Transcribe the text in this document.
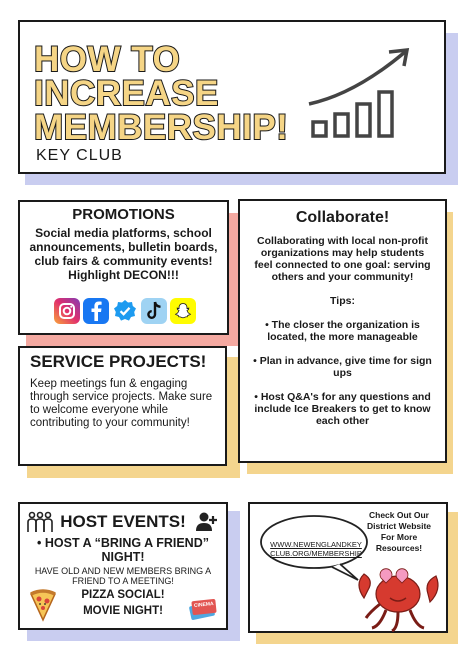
HOW TO
INCREASE
MEMBERSHIP!
KEY CLUB
PROMOTIONS
Social media platforms, school announcements, bulletin boards, club fairs & community events! Highlight DECON!!!
SERVICE PROJECTS!
Keep meetings fun & engaging through service projects. Make sure to welcome everyone while contributing to your community!
Collaborate!
Collaborating with local non-profit organizations may help students feel connected to one goal: serving others and your community!
Tips:
• The closer the organization is located, the more manageable
• Plan in advance, give time for sign ups
• Host Q&A's for any questions and include Ice Breakers to get to know each other
HOST EVENTS!
• HOST A “BRING A FRIEND” NIGHT!
HAVE OLD AND NEW MEMBERS BRING A FRIEND TO A MEETING!
PIZZA SOCIAL!
MOVIE NIGHT!	CINEMA
WWW.NEWENGLANDKEY CLUB.ORG/MEMBERSHIP
Check Out Our District Website For More Resources!
